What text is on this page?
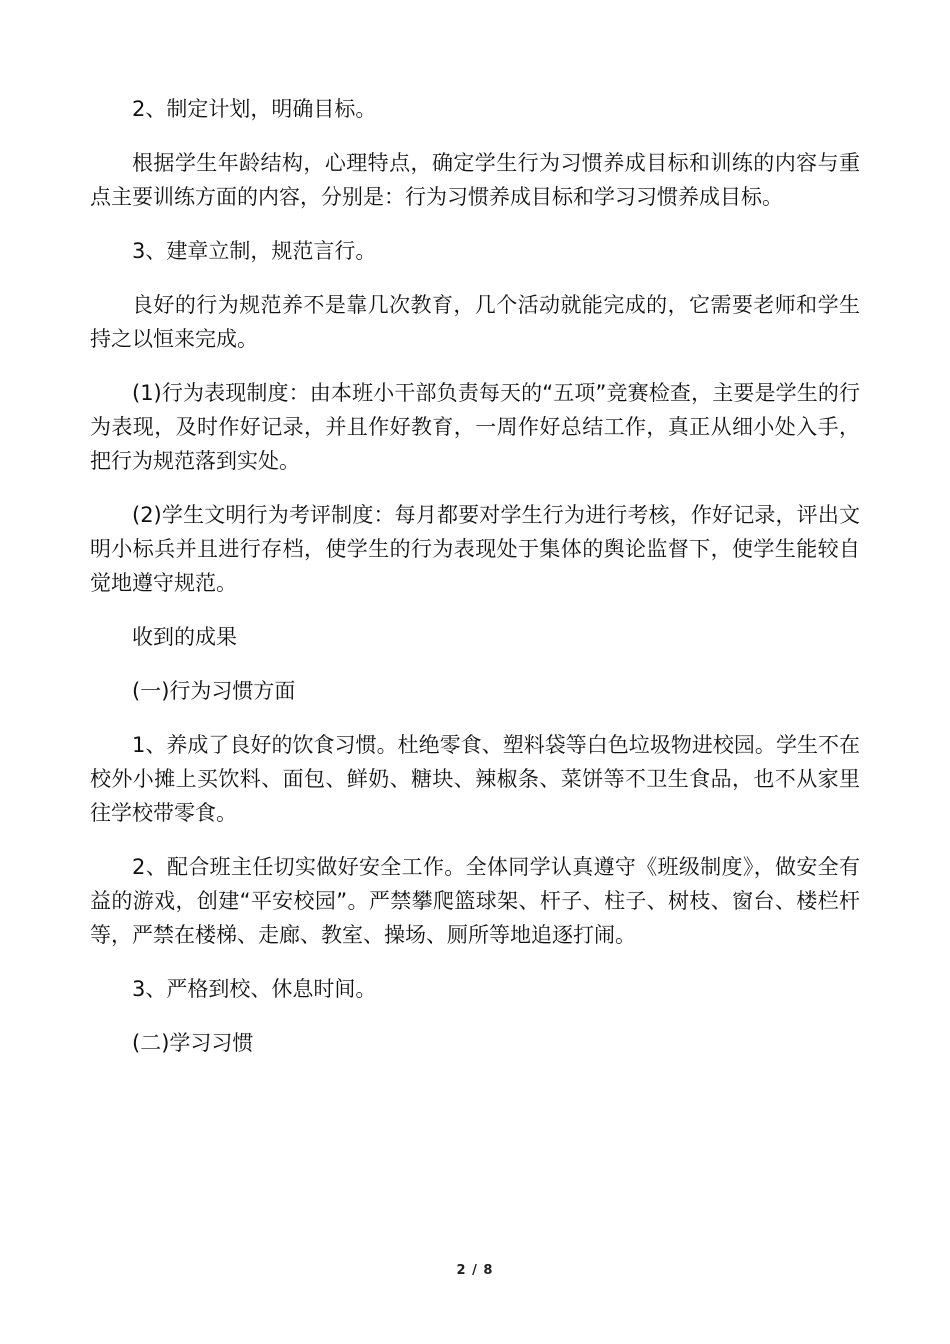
2、制定计划，明确目标。

根据学生年龄结构，心理特点，确定学生行为习惯养成目标和训练的内容与重点主要训练方面的内容，分别是：行为习惯养成目标和学习习惯养成目标。

3、建章立制，规范言行。

良好的行为规范养不是靠几次教育，几个活动就能完成的，它需要老师和学生持之以恒来完成。

(1)行为表现制度：由本班小干部负责每天的“五项”竞赛检查，主要是学生的行为表现，及时作好记录，并且作好教育，一周作好总结工作，真正从细小处入手，把行为规范落到实处。

(2)学生文明行为考评制度：每月都要对学生行为进行考核，作好记录，评出文明小标兵并且进行存档，使学生的行为表现处于集体的舆论监督下，使学生能较自觉地遵守规范。

收到的成果

(一)行为习惯方面

1、养成了良好的饮食习惯。杜绝零食、塑料袋等白色垃圾物进校园。学生不在校外小摊上买饮料、面包、鲜奶、糖块、辣椒条、菜饼等不卫生食品，也不从家里往学校带零食。

2、配合班主任切实做好安全工作。全体同学认真遵守《班级制度》，做安全有益的游戏，创建“平安校园”。严禁攀爬篮球架、杆子、柱子、树枝、窗台、楼栏杆等，严禁在楼梯、走廊、教室、操场、厕所等地追逐打闹。

3、严格到校、休息时间。

(二)学习习惯

2 / 8
